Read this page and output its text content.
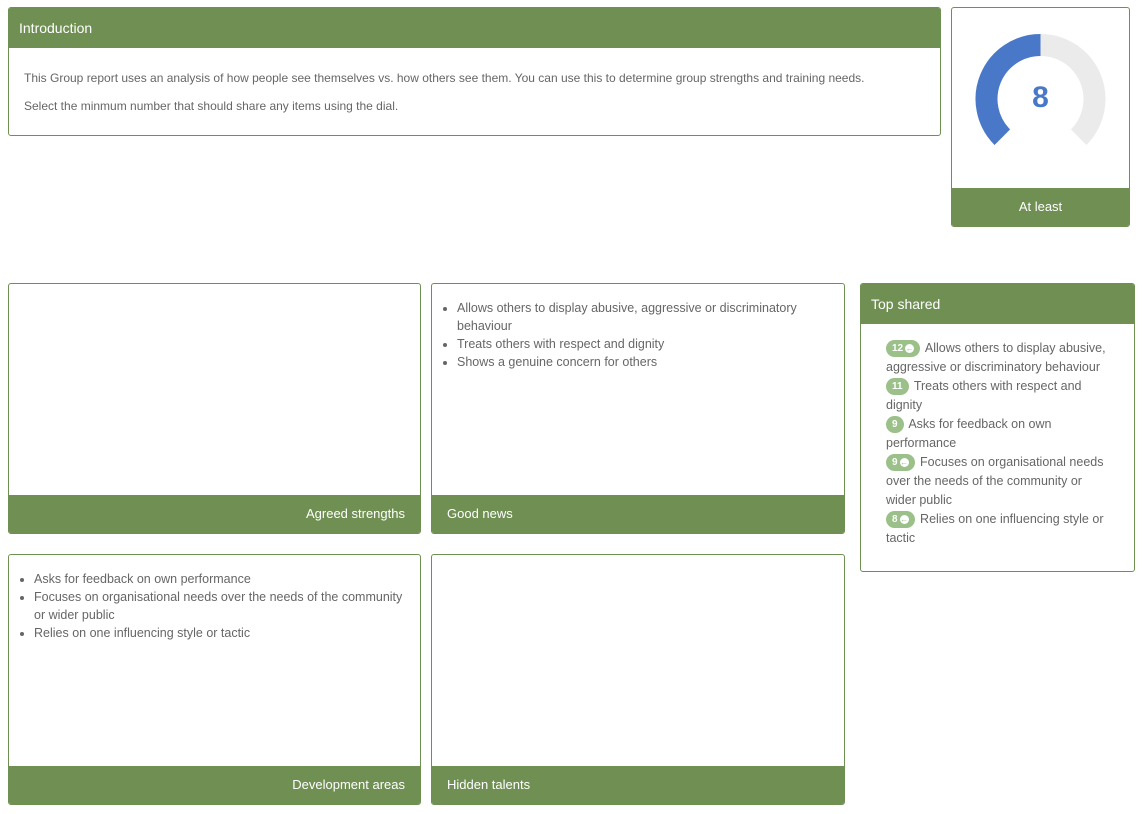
Introduction

This Group report uses an analysis of how people see themselves vs. how others see them. You can use this to determine group strengths and training needs.

Select the minmum number that should share any items using the dial.	8
At least
Agreed strengths
• Allows others to display abusive, aggressive or discriminatory behaviour
• Treats others with respect and dignity
• Shows a genuine concern for others
Good news
• Asks for feedback on own performance
• Focuses on organisational needs over the needs of the community or wider public
• Relies on one influencing style or tactic
Development areas	Hidden talents
Top shared
12 ← Allows others to display abusive, aggressive or discriminatory behaviour
11 Treats others with respect and dignity
9 Asks for feedback on own performance
9 ← Focuses on organisational needs over the needs of the community or wider public
8 ← Relies on one influencing style or tactic
